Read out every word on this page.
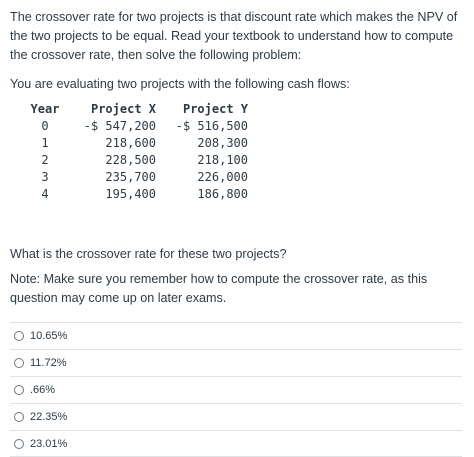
The crossover rate for two projects is that discount rate which makes the NPV of the two projects to be equal. Read your textbook to understand how to compute the crossover rate, then solve the following problem:

You are evaluating two projects with the following cash flows:

Year	Project X	Project Y
0	-$ 547,200	-$ 516,500
1	218,600	208,300
2	228,500	218,100
3	235,700	226,000
4	195,400	186,800

What is the crossover rate for these two projects?

Note: Make sure you remember how to compute the crossover rate, as this question may come up on later exams.

10.65%
11.72%
.66%
22.35%
23.01%
